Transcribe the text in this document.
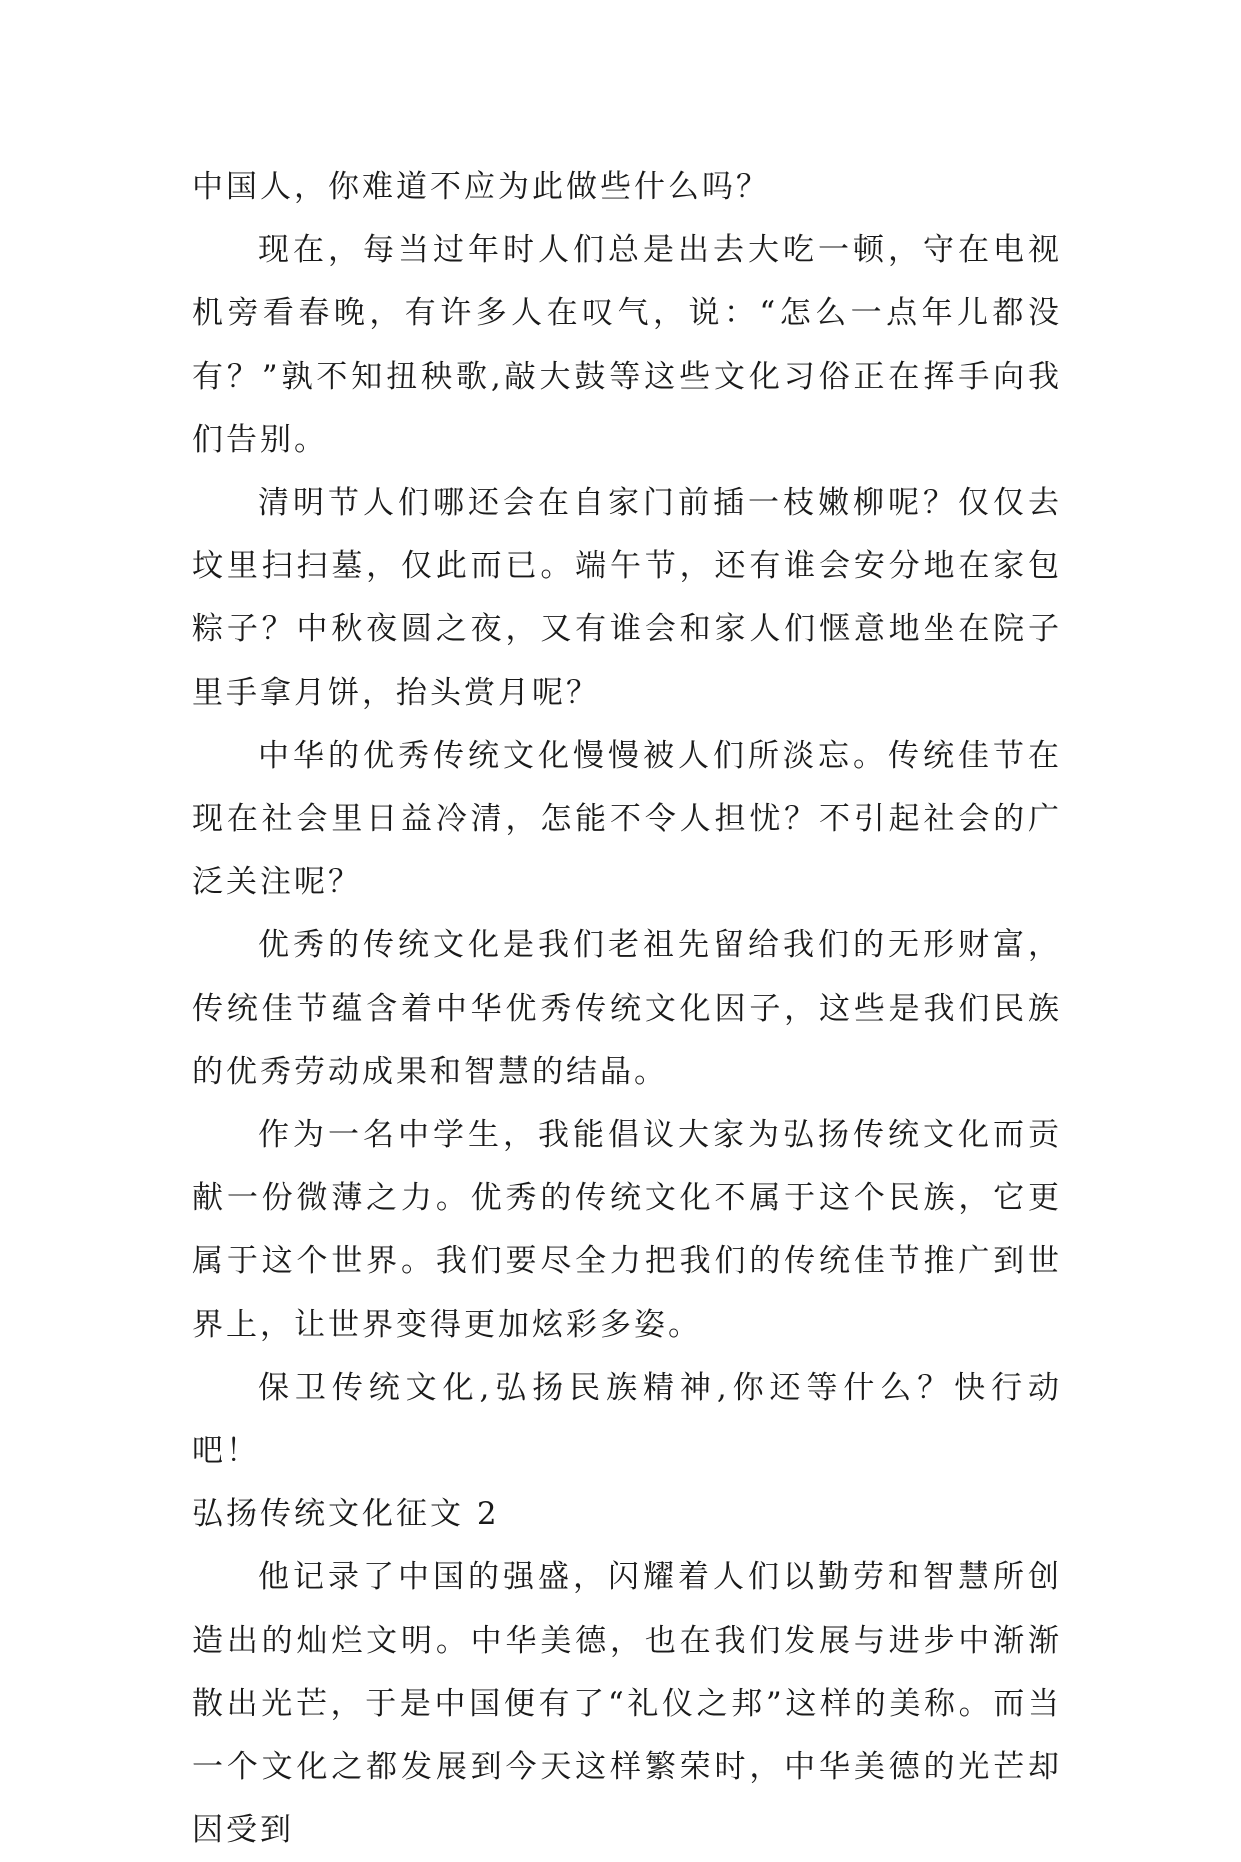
中国人，你难道不应为此做些什么吗？

现在，每当过年时人们总是出去大吃一顿，守在电视机旁看春晚，有许多人在叹气，说：“怎么一点年儿都没有？”孰不知扭秧歌,敲大鼓等这些文化习俗正在挥手向我们告别。

清明节人们哪还会在自家门前插一枝嫩柳呢？仅仅去坟里扫扫墓，仅此而已。端午节，还有谁会安分地在家包粽子？中秋夜圆之夜，又有谁会和家人们惬意地坐在院子里手拿月饼，抬头赏月呢？

中华的优秀传统文化慢慢被人们所淡忘。传统佳节在现在社会里日益冷清，怎能不令人担忧？不引起社会的广泛关注呢？

优秀的传统文化是我们老祖先留给我们的无形财富，传统佳节蕴含着中华优秀传统文化因子，这些是我们民族的优秀劳动成果和智慧的结晶。

作为一名中学生，我能倡议大家为弘扬传统文化而贡献一份微薄之力。优秀的传统文化不属于这个民族，它更属于这个世界。我们要尽全力把我们的传统佳节推广到世界上，让世界变得更加炫彩多姿。

保卫传统文化,弘扬民族精神,你还等什么？快行动吧！

弘扬传统文化征文 2

他记录了中国的强盛，闪耀着人们以勤劳和智慧所创造出的灿烂文明。中华美德，也在我们发展与进步中渐渐散出光芒，于是中国便有了“礼仪之邦”这样的美称。而当一个文化之都发展到今天这样繁荣时，中华美德的光芒却因受到
